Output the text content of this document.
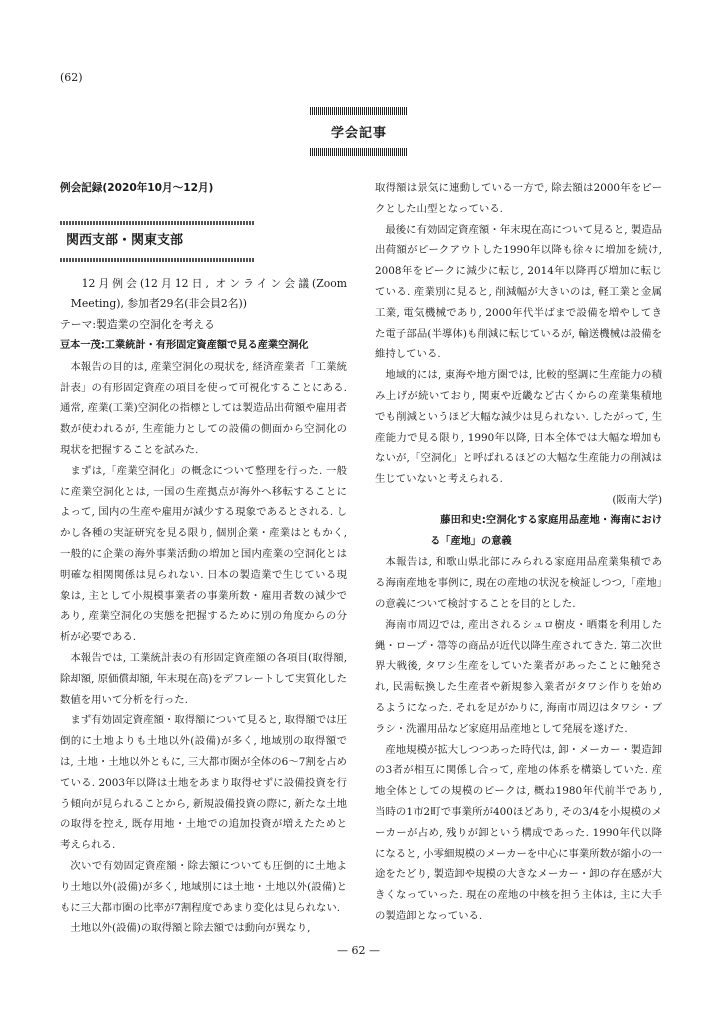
(62)
学会記事
例会記録(2020年10月～12月)
関西支部・関東支部

12月例会(12月12日, オンライン会議(Zoom Meeting), 参加者29名(非会員2名))

テーマ:製造業の空洞化を考える

豆本一茂:工業統計・有形固定資産額で見る産業空洞化

本報告の目的は, 産業空洞化の現状を, 経済産業者「工業統計表」の有形固定資産の項目を使って可視化することにある. 通常, 産業(工業)空洞化の指標としては製造品出荷額や雇用者数が使われるが, 生産能力としての設備の側面から空洞化の現状を把握することを試みた.

まずは,「産業空洞化」の概念について整理を行った. 一般に産業空洞化とは, 一国の生産拠点が海外へ移転することによって, 国内の生産や雇用が減少する現象であるとされる. しかし各種の実証研究を見る限り, 個別企業・産業はともかく, 一般的に企業の海外事業活動の増加と国内産業の空洞化とは明確な相関関係は見られない. 日本の製造業で生じている現象は, 主として小規模事業者の事業所数・雇用者数の減少であり, 産業空洞化の実態を把握するために別の角度からの分析が必要である.

本報告では, 工業統計表の有形固定資産額の各項目(取得額, 除却額, 原価償却額, 年末現在高)をデフレートして実質化した数値を用いて分析を行った.

まず有効固定資産額・取得額について見ると, 取得額では圧倒的に土地よりも土地以外(設備)が多く, 地域別の取得額では, 土地・土地以外ともに, 三大都市圏が全体の6～7割を占めている. 2003年以降は土地をあまり取得せずに設備投資を行う傾向が見られることから, 新規設備投資の際に, 新たな土地の取得を控え, 既存用地・土地での追加投資が増えたためと考えられる.

次いで有効固定資産額・除去額についても圧倒的に土地より土地以外(設備)が多く, 地域別には土地・土地以外(設備)ともに三大都市圏の比率が7割程度であまり変化は見られない.

土地以外(設備)の取得額と除去額では動向が異なり,

取得額は景気に連動している一方で, 除去額は2000年をピークとした山型となっている.

最後に有効固定資産額・年末現在高について見ると, 製造品出荷額がピークアウトした1990年以降も徐々に増加を続け, 2008年をピークに減少に転じ, 2014年以降再び増加に転じている. 産業別に見ると, 削減幅が大きいのは, 軽工業と金属工業, 電気機械であり, 2000年代半ばまで設備を増やしてきた電子部品(半導体)も削減に転じているが, 輸送機械は設備を維持している.

地域的には, 東海や地方圏では, 比較的堅調に生産能力の積み上げが続いており, 関東や近畿など古くからの産業集積地でも削減というほど大幅な減少は見られない. したがって, 生産能力で見る限り, 1990年以降, 日本全体では大幅な増加もないが,「空洞化」と呼ばれるほどの大幅な生産能力の削減は生じていないと考えられる.

(阪南大学)

藤田和史:空洞化する家庭用品産地・海南における「産地」の意義

本報告は, 和歌山県北部にみられる家庭用品産業集積である海南産地を事例に, 現在の産地の状況を検証しつつ,「産地」の意義について検討することを目的とした.

海南市周辺では, 産出されるシュロ樹皮・晒棗を利用した縄・ロープ・箒等の商品が近代以降生産されてきた. 第二次世界大戦後, タワシ生産をしていた業者があったことに触発され, 民需転換した生産者や新規参入業者がタワシ作りを始めるようになった. それを足がかりに, 海南市周辺はタワシ・ブラシ・洗濯用品など家庭用品産地として発展を遂げた.

産地規模が拡大しつつあった時代は, 卸・メーカー・製造卸の3者が相互に関係し合って, 産地の体系を構築していた. 産地全体としての規模のピークは, 概ね1980年代前半であり, 当時の1市2町で事業所が400ほどあり, その3/4を小規模のメーカーが占め, 残りが卸という構成であった. 1990年代以降になると, 小零細規模のメーカーを中心に事業所数が縮小の一途をたどり, 製造卸や規模の大きなメーカー・卸の存在感が大きくなっていった. 現在の産地の中核を担う主体は, 主に大手の製造卸となっている.

— 62 —
